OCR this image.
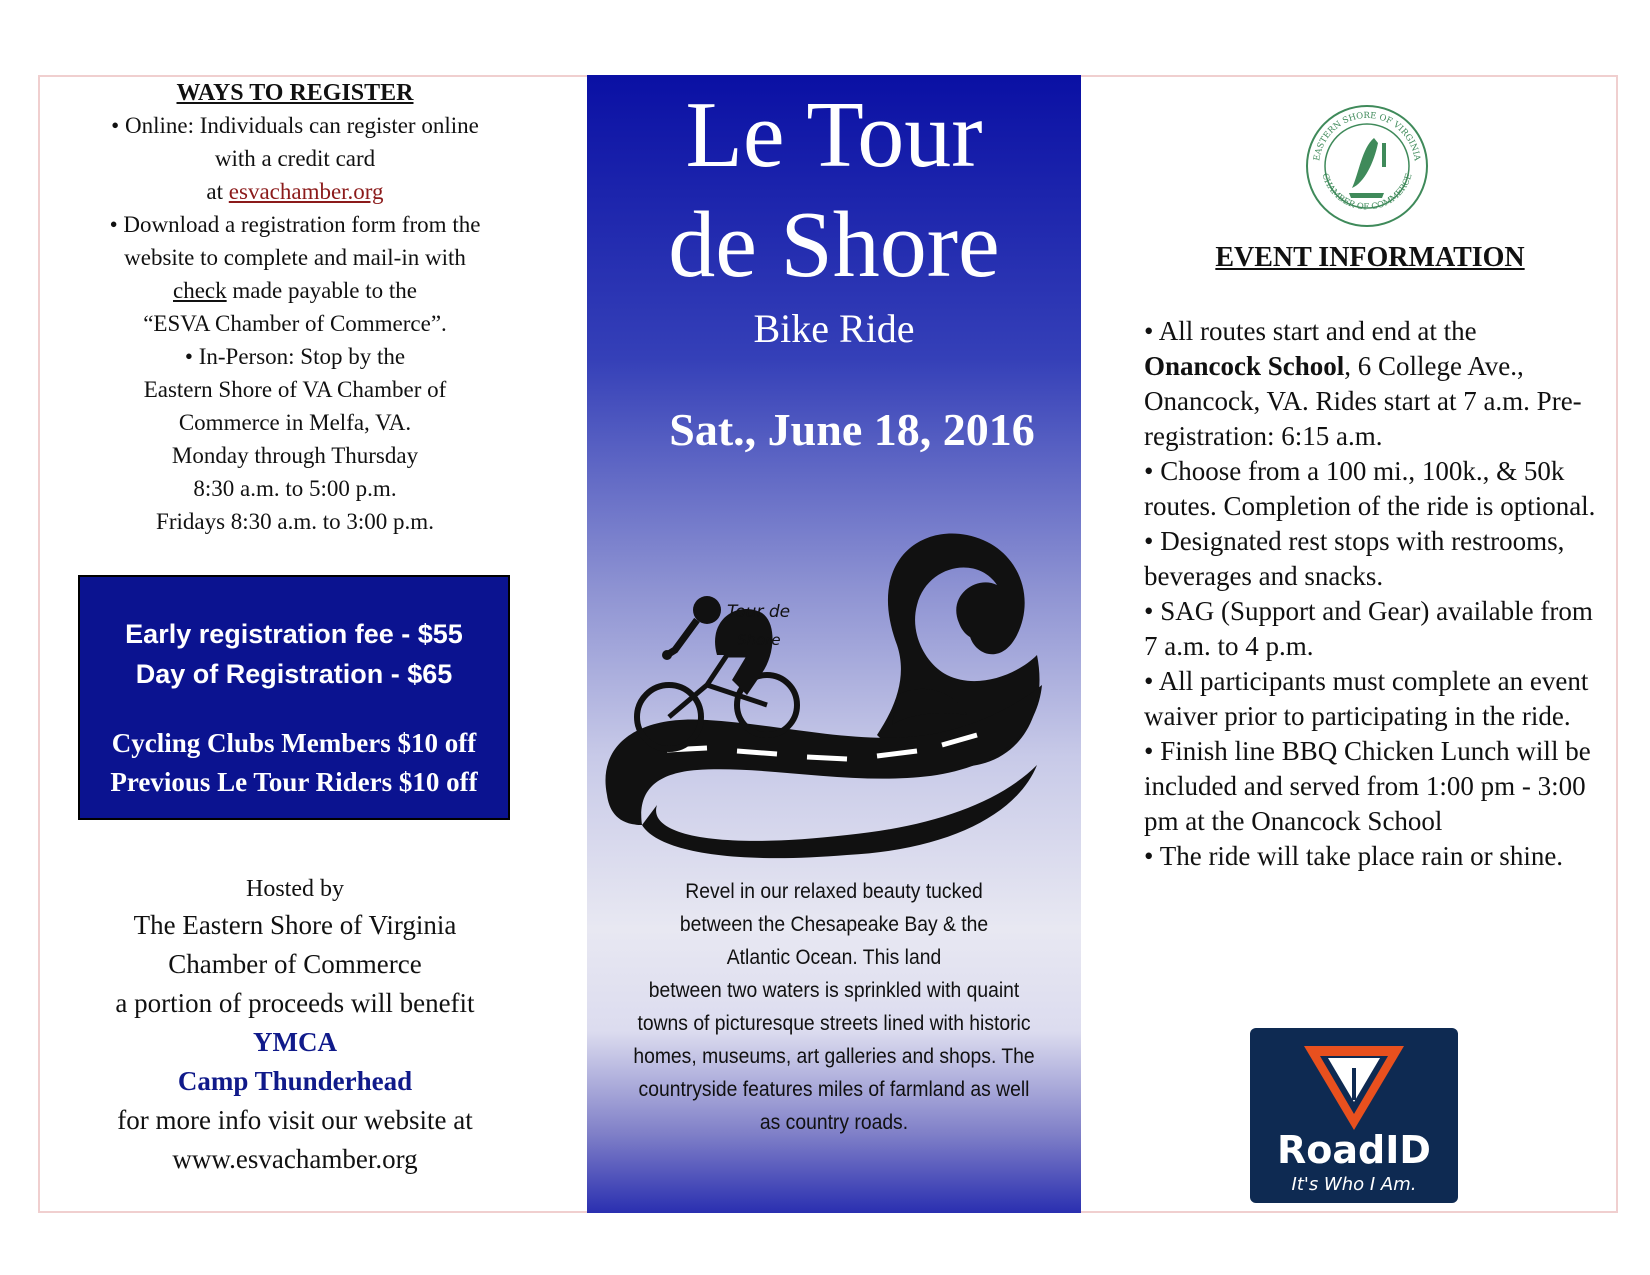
WAYS TO REGISTER
• Online: Individuals can register online
with a credit card
at esvachamber.org
• Download a registration form from the
website to complete and mail-in with
check made payable to the
“ESVA Chamber of Commerce”.
• In-Person: Stop by the
Eastern Shore of VA Chamber of
Commerce in Melfa, VA.
Monday through Thursday
8:30 a.m. to 5:00 p.m.
Fridays 8:30 a.m. to 3:00 p.m.
Early registration fee - $55
Day of Registration - $65
Cycling Clubs Members $10 off
Previous Le Tour Riders $10 off
Hosted by
The Eastern Shore of Virginia
Chamber of Commerce
a portion of proceeds will benefit
YMCA
Camp Thunderhead
for more info visit our website at
www.esvachamber.org
Le Tour
de Shore
Bike Ride
Sat., June 18, 2016
Tour de
Shore
Revel in our relaxed beauty tucked
between the Chesapeake Bay & the
Atlantic Ocean. This land
between two waters is sprinkled with quaint
towns of picturesque streets lined with historic
homes, museums, art galleries and shops. The
countryside features miles of farmland as well
as country roads.
EASTERN SHORE OF VIRGINIA
CHAMBER OF COMMERCE
EVENT INFORMATION
• All routes start and end at the
Onancock School, 6 College Ave., Onancock, VA. Rides start at 7 a.m. Pre-registration: 6:15 a.m.
• Choose from a 100 mi., 100k., & 50k routes. Completion of the ride is optional.
• Designated rest stops with restrooms, beverages and snacks.
• SAG (Support and Gear) available from 7 a.m. to 4 p.m.
• All participants must complete an event waiver prior to participating in the ride.
• Finish line BBQ Chicken Lunch will be included and served from 1:00 pm - 3:00 pm at the Onancock School
• The ride will take place rain or shine.
RoadID
It's Who I Am.
